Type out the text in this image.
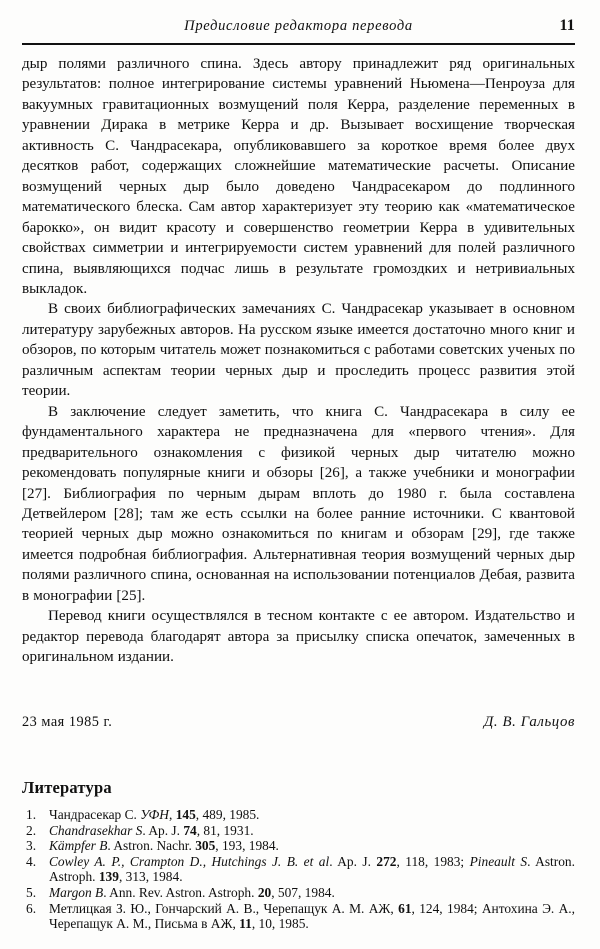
Предисловие редактора перевода	11

дыр полями различного спина. Здесь автору принадлежит ряд оригинальных результатов: полное интегрирование системы уравнений Ньюмена—Пенроуза для вакуумных гравитационных возмущений поля Керра, разделение переменных в уравнении Дирака в метрике Керра и др. Вызывает восхищение творческая активность С. Чандрасекара, опубликовавшего за короткое время более двух десятков работ, содержащих сложнейшие математические расчеты. Описание возмущений черных дыр было доведено Чандрасекаром до подлинного математического блеска. Сам автор характеризует эту теорию как «математическое барокко», он видит красоту и совершенство геометрии Керра в удивительных свойствах симметрии и интегрируемости систем уравнений для полей различного спина, выявляющихся подчас лишь в результате громоздких и нетривиальных выкладок.

В своих библиографических замечаниях С. Чандрасекар указывает в основном литературу зарубежных авторов. На русском языке имеется достаточно много книг и обзоров, по которым читатель может познакомиться с работами советских ученых по различным аспектам теории черных дыр и проследить процесс развития этой теории.

В заключение следует заметить, что книга С. Чандрасекара в силу ее фундаментального характера не предназначена для «первого чтения». Для предварительного ознакомления с физикой черных дыр читателю можно рекомендовать популярные книги и обзоры [26], а также учебники и монографии [27]. Библиография по черным дырам вплоть до 1980 г. была составлена Детвейлером [28]; там же есть ссылки на более ранние источники. С квантовой теорией черных дыр можно ознакомиться по книгам и обзорам [29], где также имеется подробная библиография. Альтернативная теория возмущений черных дыр полями различного спина, основанная на использовании потенциалов Дебая, развита в монографии [25].

Перевод книги осуществлялся в тесном контакте с ее автором. Издательство и редактор перевода благодарят автора за присылку списка опечаток, замеченных в оригинальном издании.

23 мая 1985 г.	Д. В. Гальцов
Литература
1. Чандрасекар С. УФН, 145, 489, 1985.
2. Chandrasekhar S. Ap. J. 74, 81, 1931.
3. Kämpfer B. Astron. Nachr. 305, 193, 1984.
4. Cowley A. P., Crampton D., Hutchings J. B. et al. Ap. J. 272, 118, 1983; Pineault S. Astron. Astroph. 139, 313, 1984.
5. Margon B. Ann. Rev. Astron. Astroph. 20, 507, 1984.
6. Метлицкая З. Ю., Гончарский А. В., Черепащук А. М. АЖ, 61, 124, 1984; Антохина Э. А., Черепащук А. М., Письма в АЖ, 11, 10, 1985.
